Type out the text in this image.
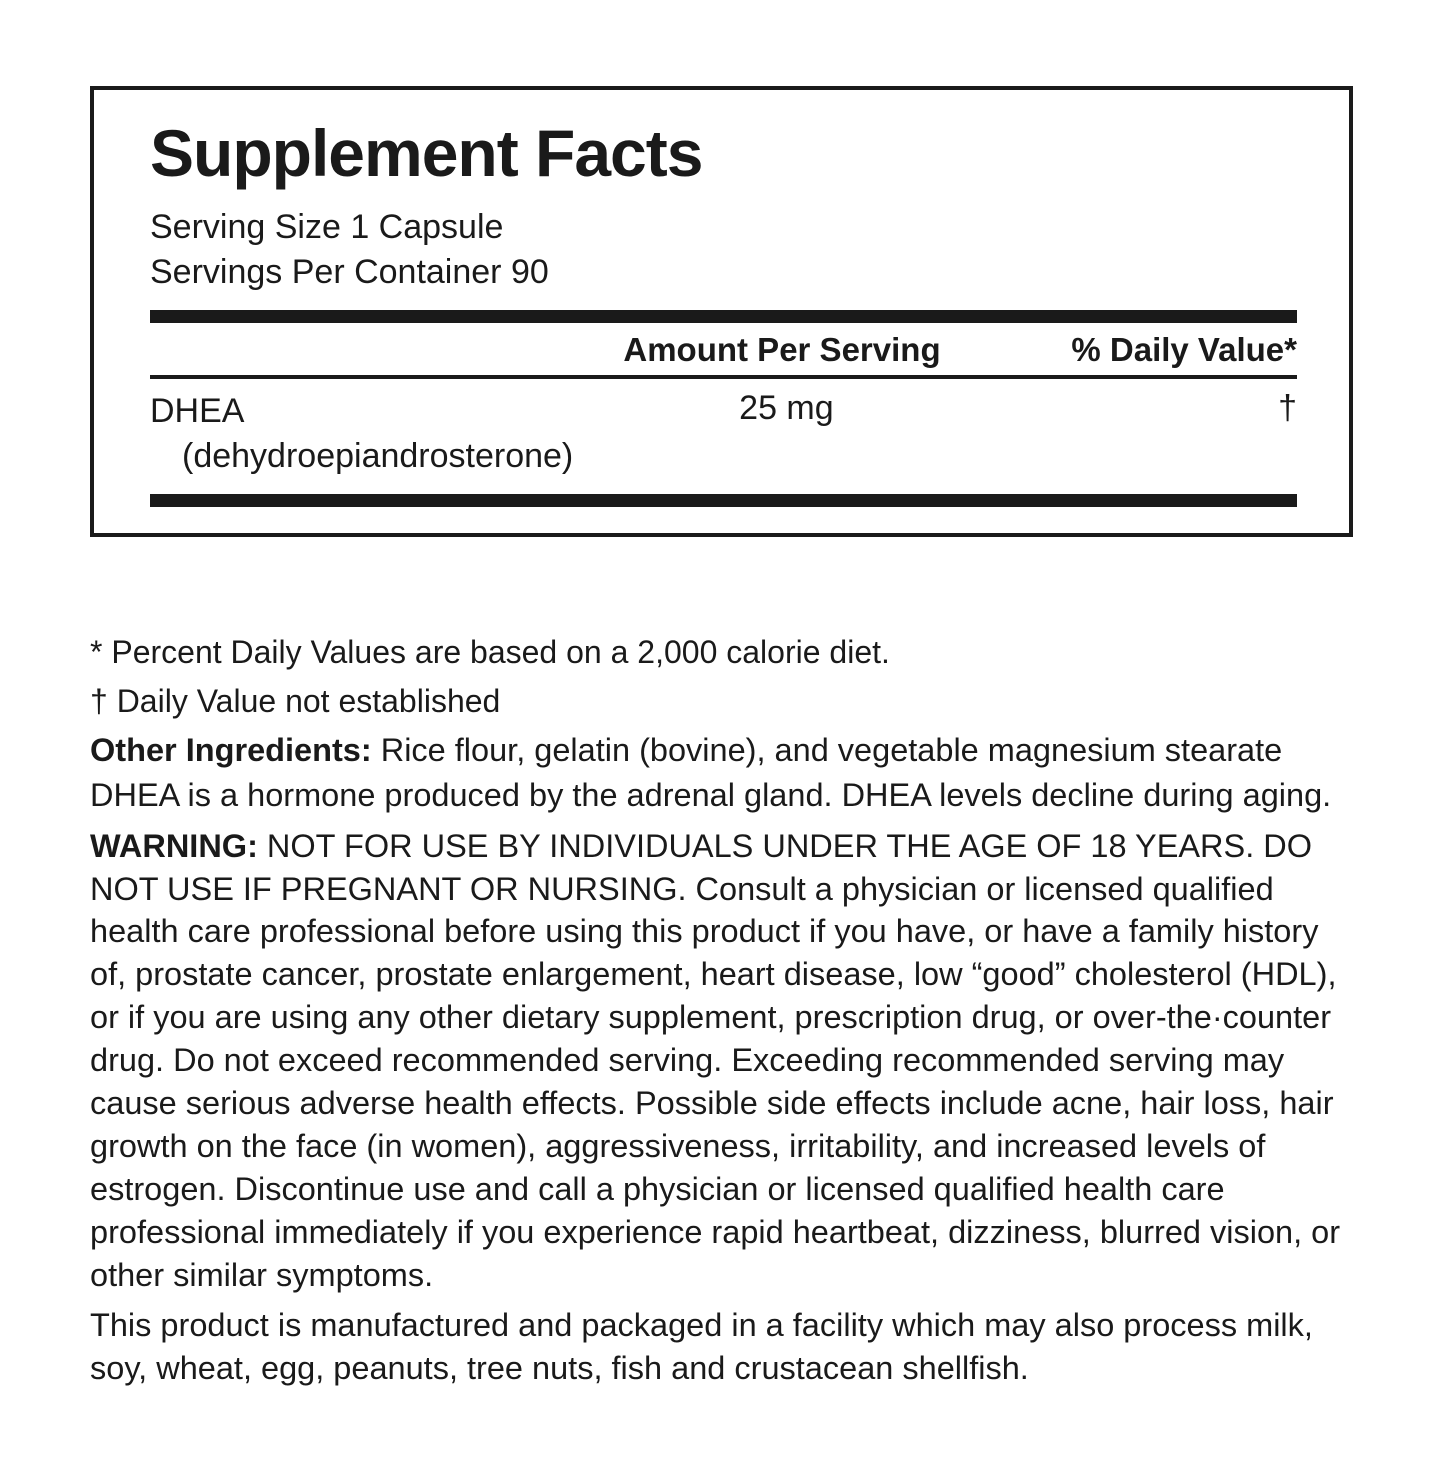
Supplement Facts
Serving Size 1 Capsule
Servings Per Container 90
Amount Per Serving	% Daily Value*
DHEA
(dehydroepiandrosterone)
25 mg	†
* Percent Daily Values are based on a 2,000 calorie diet.
† Daily Value not established

Other Ingredients: Rice flour, gelatin (bovine), and vegetable magnesium stearate

DHEA is a hormone produced by the adrenal gland. DHEA levels decline during aging.

WARNING: NOT FOR USE BY INDIVIDUALS UNDER THE AGE OF 18 YEARS. DO NOT USE IF PREGNANT OR NURSING. Consult a physician or licensed qualified health care professional before using this product if you have, or have a family history of, prostate cancer, prostate enlargement, heart disease, low “good” cholesterol (HDL), or if you are using any other dietary supplement, prescription drug, or over-the·counter drug. Do not exceed recommended serving. Exceeding recommended serving may cause serious adverse health effects. Possible side effects include acne, hair loss, hair growth on the face (in women), aggressiveness, irritability, and increased levels of estrogen. Discontinue use and call a physician or licensed qualified health care professional immediately if you experience rapid heartbeat, dizziness, blurred vision, or other similar symptoms.

This product is manufactured and packaged in a facility which may also process milk, soy, wheat, egg, peanuts, tree nuts, fish and crustacean shellfish.
